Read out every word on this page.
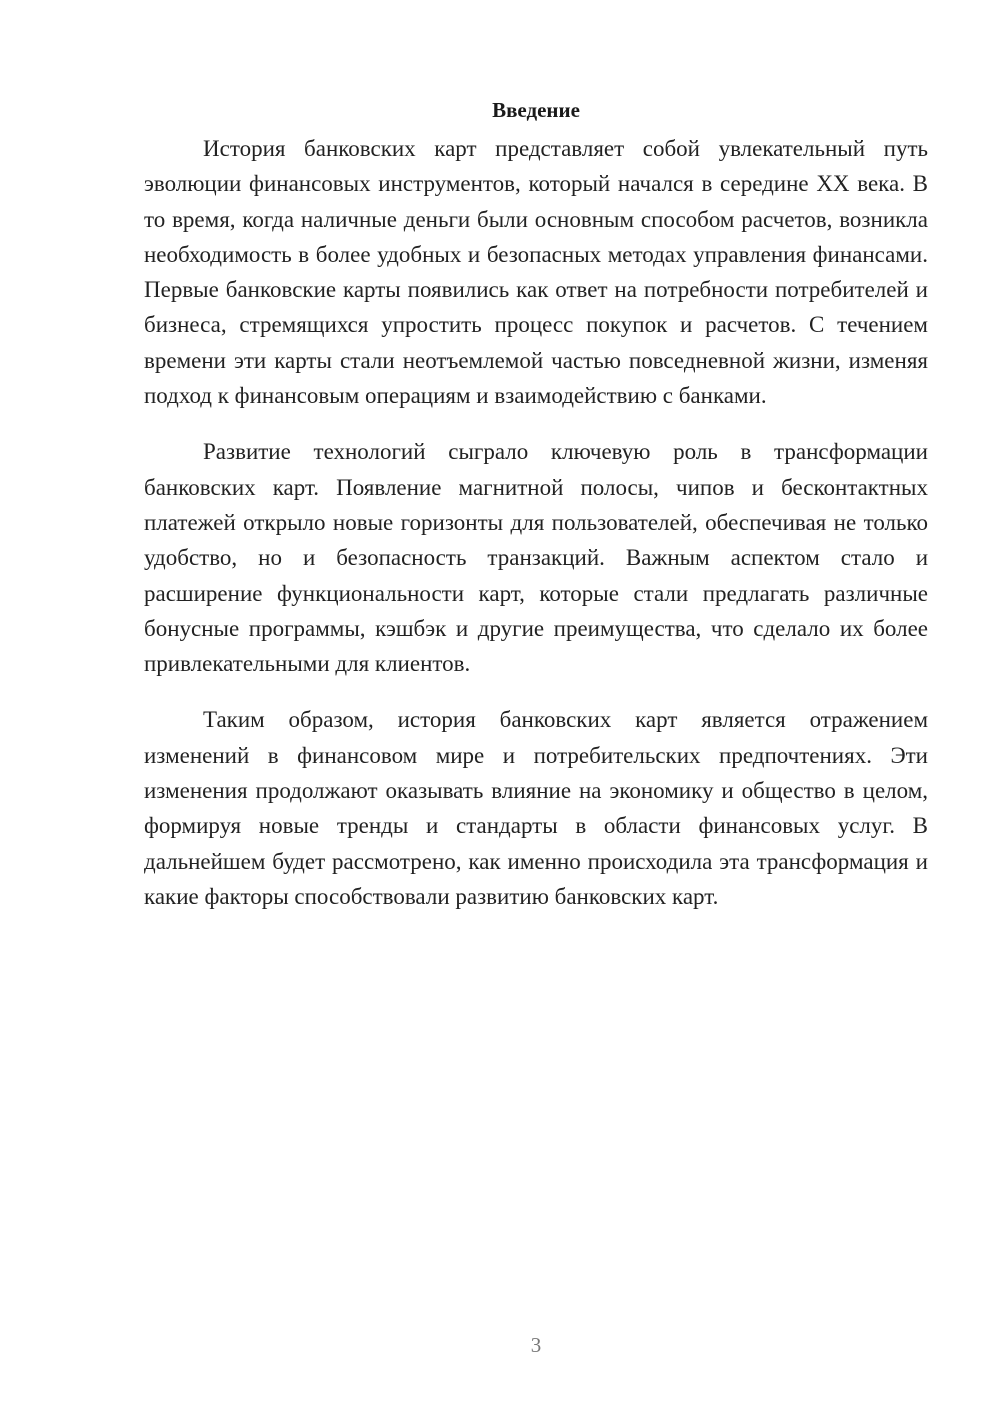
Введение

История банковских карт представляет собой увлекательный путь эволюции финансовых инструментов, который начался в середине XX века. В то время, когда наличные деньги были основным способом расчетов, возникла необходимость в более удобных и безопасных методах управления финансами. Первые банковские карты появились как ответ на потребности потребителей и бизнеса, стремящихся упростить процесс покупок и расчетов. С течением времени эти карты стали неотъемлемой частью повседневной жизни, изменяя подход к финансовым операциям и взаимодействию с банками.

Развитие технологий сыграло ключевую роль в трансформации банковских карт. Появление магнитной полосы, чипов и бесконтактных платежей открыло новые горизонты для пользователей, обеспечивая не только удобство, но и безопасность транзакций. Важным аспектом стало и расширение функциональности карт, которые стали предлагать различные бонусные программы, кэшбэк и другие преимущества, что сделало их более привлекательными для клиентов.

Таким образом, история банковских карт является отражением изменений в финансовом мире и потребительских предпочтениях. Эти изменения продолжают оказывать влияние на экономику и общество в целом, формируя новые тренды и стандарты в области финансовых услуг. В дальнейшем будет рассмотрено, как именно происходила эта трансформация и какие факторы способствовали развитию банковских карт.

3
